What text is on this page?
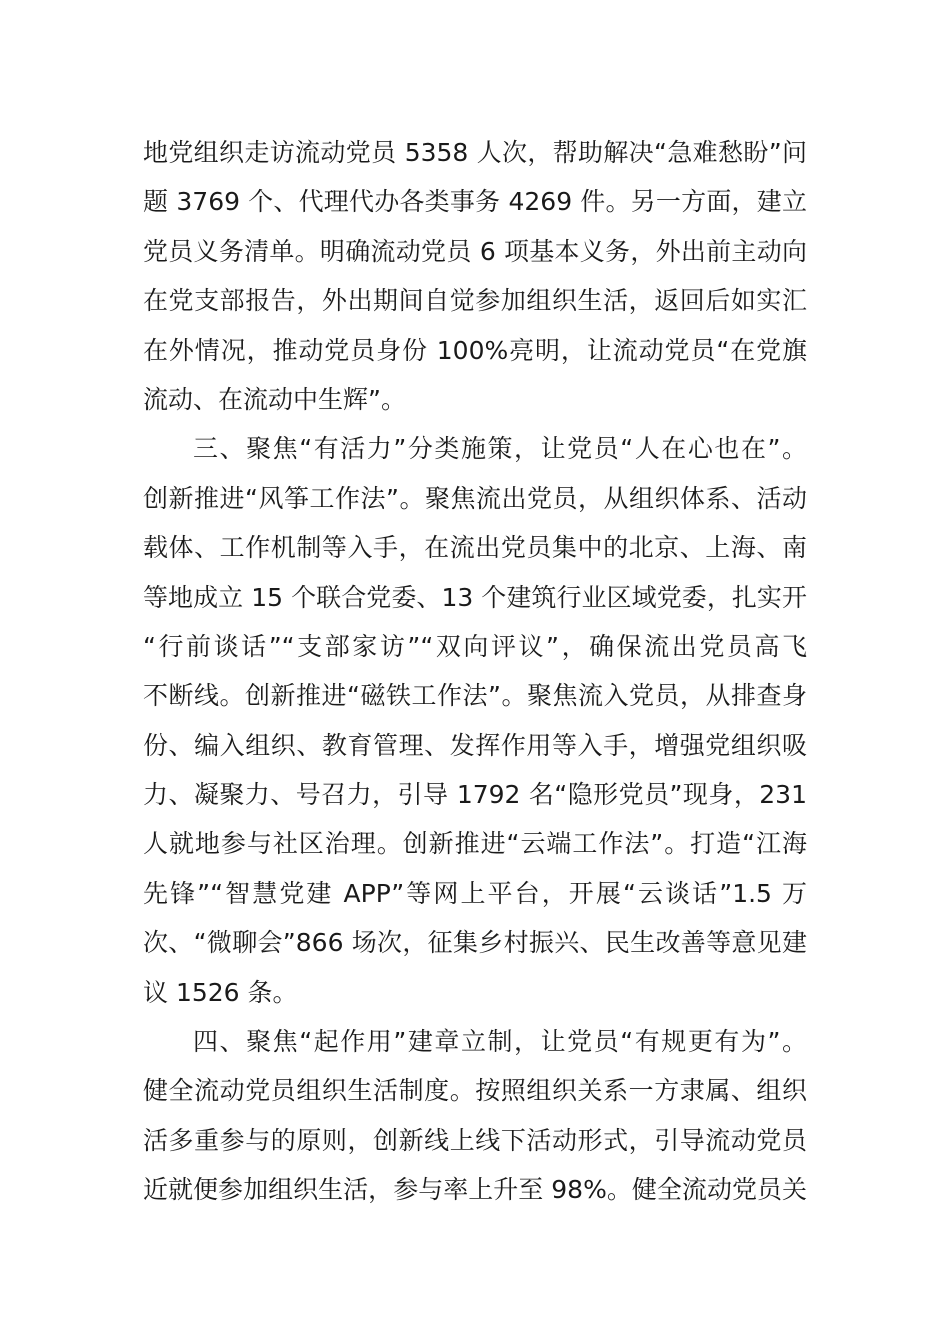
地党组织走访流动党员 5358 人次，帮助解决“急难愁盼”问
题 3769 个、代理代办各类事务 4269 件。另一方面，建立
党员义务清单。明确流动党员 6 项基本义务，外出前主动向
在党支部报告，外出期间自觉参加组织生活，返回后如实汇
在外情况，推动党员身份 100%亮明，让流动党员“在党旗
流动、在流动中生辉”。
三、聚焦“有活力”分类施策，让党员“人在心也在”。
创新推进“风筝工作法”。聚焦流出党员，从组织体系、活动
载体、工作机制等入手，在流出党员集中的北京、上海、南
等地成立 15 个联合党委、13 个建筑行业区域党委，扎实开
“行前谈话”“支部家访”“双向评议”，确保流出党员高飞
不断线。创新推进“磁铁工作法”。聚焦流入党员，从排查身
份、编入组织、教育管理、发挥作用等入手，增强党组织吸
力、凝聚力、号召力，引导 1792 名“隐形党员”现身，231
人就地参与社区治理。创新推进“云端工作法”。打造“江海
先锋”“智慧党建 APP”等网上平台，开展“云谈话”1.5 万
次、“微聊会”866 场次，征集乡村振兴、民生改善等意见建
议 1526 条。
四、聚焦“起作用”建章立制，让党员“有规更有为”。
健全流动党员组织生活制度。按照组织关系一方隶属、组织
活多重参与的原则，创新线上线下活动形式，引导流动党员
近就便参加组织生活，参与率上升至 98%。健全流动党员关
